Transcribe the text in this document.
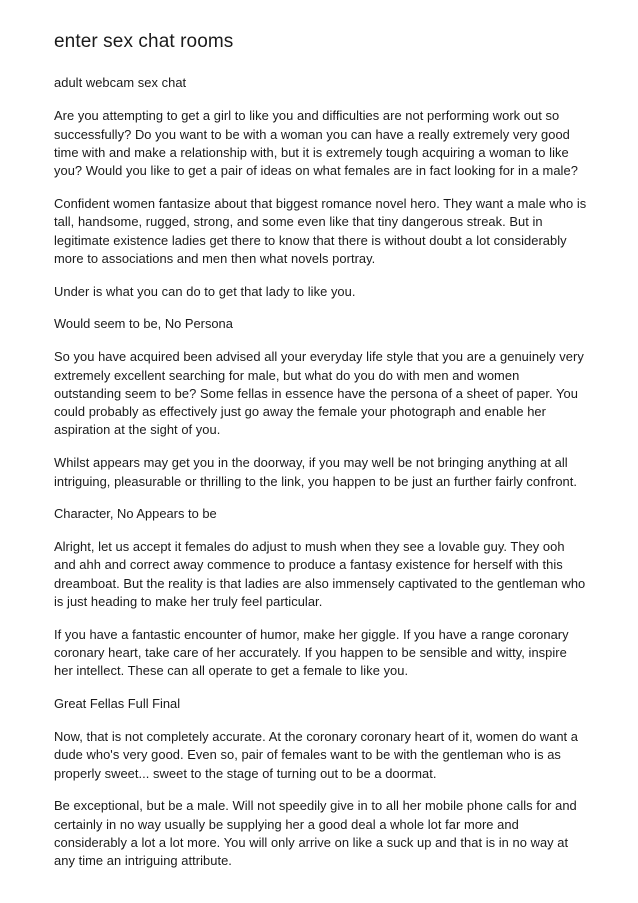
enter sex chat rooms

adult webcam sex chat

Are you attempting to get a girl to like you and difficulties are not performing work out so successfully? Do you want to be with a woman you can have a really extremely very good time with and make a relationship with, but it is extremely tough acquiring a woman to like you? Would you like to get a pair of ideas on what females are in fact looking for in a male?

Confident women fantasize about that biggest romance novel hero. They want a male who is tall, handsome, rugged, strong, and some even like that tiny dangerous streak. But in legitimate existence ladies get there to know that there is without doubt a lot considerably more to associations and men then what novels portray.

Under is what you can do to get that lady to like you.

Would seem to be, No Persona

So you have acquired been advised all your everyday life style that you are a genuinely very extremely excellent searching for male, but what do you do with men and women outstanding seem to be? Some fellas in essence have the persona of a sheet of paper. You could probably as effectively just go away the female your photograph and enable her aspiration at the sight of you.

Whilst appears may get you in the doorway, if you may well be not bringing anything at all intriguing, pleasurable or thrilling to the link, you happen to be just an further fairly confront.

Character, No Appears to be

Alright, let us accept it females do adjust to mush when they see a lovable guy. They ooh and ahh and correct away commence to produce a fantasy existence for herself with this dreamboat. But the reality is that ladies are also immensely captivated to the gentleman who is just heading to make her truly feel particular.

If you have a fantastic encounter of humor, make her giggle. If you have a range coronary coronary heart, take care of her accurately. If you happen to be sensible and witty, inspire her intellect. These can all operate to get a female to like you.

Great Fellas Full Final

Now, that is not completely accurate. At the coronary coronary heart of it, women do want a dude who's very good. Even so, pair of females want to be with the gentleman who is as properly sweet... sweet to the stage of turning out to be a doormat.

Be exceptional, but be a male. Will not speedily give in to all her mobile phone calls for and certainly in no way usually be supplying her a good deal a whole lot far more and considerably a lot a lot more. You will only arrive on like a suck up and that is in no way at any time an intriguing attribute.
